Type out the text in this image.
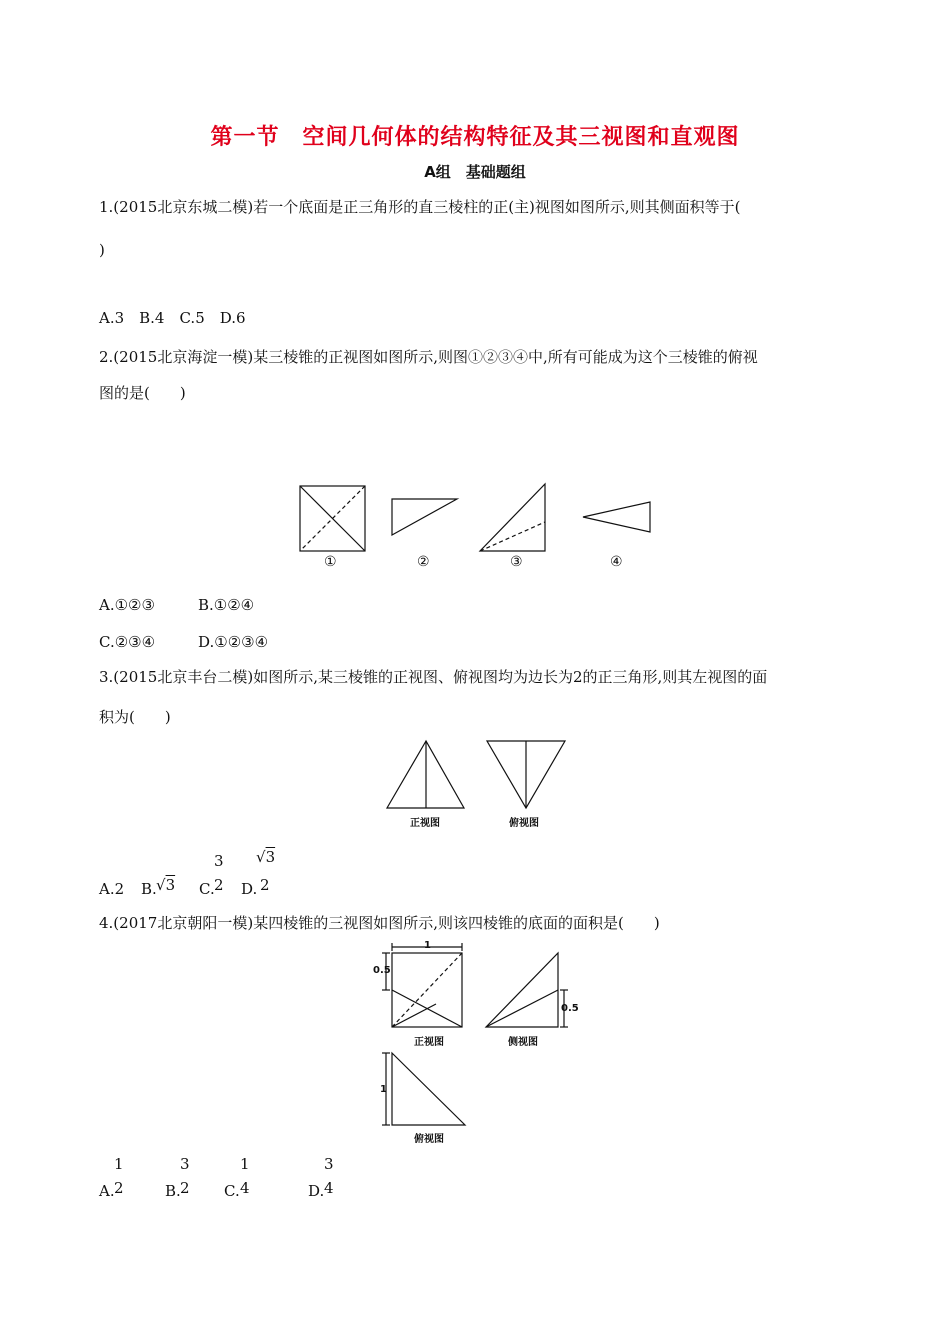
第一节　空间几何体的结构特征及其三视图和直观图
A组　基础题组
1.(2015北京东城二模)若一个底面是正三角形的直三棱柱的正(主)视图如图所示,则其侧面积等于(
)
A.3　B.4　C.5　D.6
2.(2015北京海淀一模)某三棱锥的正视图如图所示,则图①②③④中,所有可能成为这个三棱锥的俯视
图的是(　　)
①	②	③	④
A.①②③	B.①②④
C.②③④	D.①②③④
3.(2015北京丰台二模)如图所示,某三棱锥的正视图、俯视图均为边长为2的正三角形,则其左视图的面
积为(　　)
正视图	俯视图
A.2 B. √3 C.
3
2 D.
√3
2
4.(2017北京朝阳一模)某四棱锥的三视图如图所示,则该四棱锥的底面的面积是(　　)
1
0.5
0.5
1
正视图	侧视图
俯视图
A.
1
2	B.
3
2 C.
1
4	D.
3
4
